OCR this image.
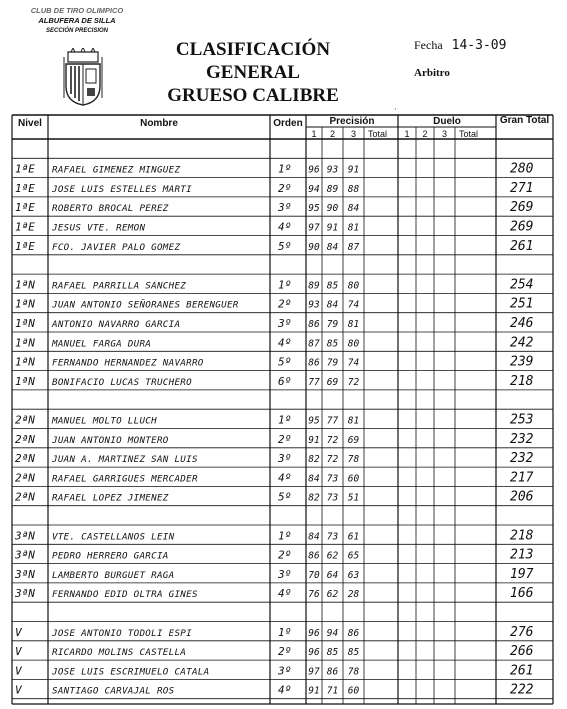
CLUB DE TIRO OLIMPICO
ALBUFERA DE SILLA
SECCIÓN PRECISION
CLASIFICACIÓN GENERAL
GRUESO CALIBRE
Fecha 14-3-09
Arbitro
·
Nivel	Nombre	Orden	Precisión	Duelo	Gran Total
1 2 3 Total 1 2 3 Total
1ªE RAFAEL GIMENEZ MINGUEZ	1º 96 93 91	280
1ªE JOSE LUIS ESTELLES MARTI	2º 94 89 88	271
1ªE ROBERTO BROCAL PEREZ	3º 95 90 84	269
1ªE JESUS VTE. REMON	4º 97 91 81	269
1ªE FCO. JAVIER PALO GOMEZ	5º 90 84 87	261
1ªN RAFAEL PARRILLA SANCHEZ	1º 89 85 80	254
1ªN JUAN ANTONIO SEÑORANES BERENGUER	2º 93 84 74	251
1ªN ANTONIO NAVARRO GARCIA	3º 86 79 81	246
1ªN MANUEL FARGA DURA	4º 87 85 80	242
1ªN FERNANDO HERNANDEZ NAVARRO	5º 86 79 74	239
1ªN BONIFACIO LUCAS TRUCHERO	6º 77 69 72	218
2ªN MANUEL MOLTO LLUCH	1º 95 77 81	253
2ªN JUAN ANTONIO MONTERO	2º 91 72 69	232
2ªN JUAN A. MARTINEZ SAN LUIS	3º 82 72 78	232
2ªN RAFAEL GARRIGUES MERCADER	4º 84 73 60	217
2ªN RAFAEL LOPEZ JIMENEZ	5º 82 73 51	206
3ªN VTE. CASTELLANOS LEIN	1º 84 73 61	218
3ªN PEDRO HERRERO GARCIA	2º 86 62 65	213
3ªN LAMBERTO BURGUET RAGA	3º 70 64 63	197
3ªN FERNANDO EDID OLTRA GINES	4º 76 62 28	166
V	JOSE ANTONIO TODOLI ESPI	1º 96 94 86	276
V	RICARDO MOLINS CASTELLA	2º 96 85 85	266
V	JOSE LUIS ESCRIMUELO CATALA	3º 97 86 78	261
V	SANTIAGO CARVAJAL ROS	4º 91 71 60	222
